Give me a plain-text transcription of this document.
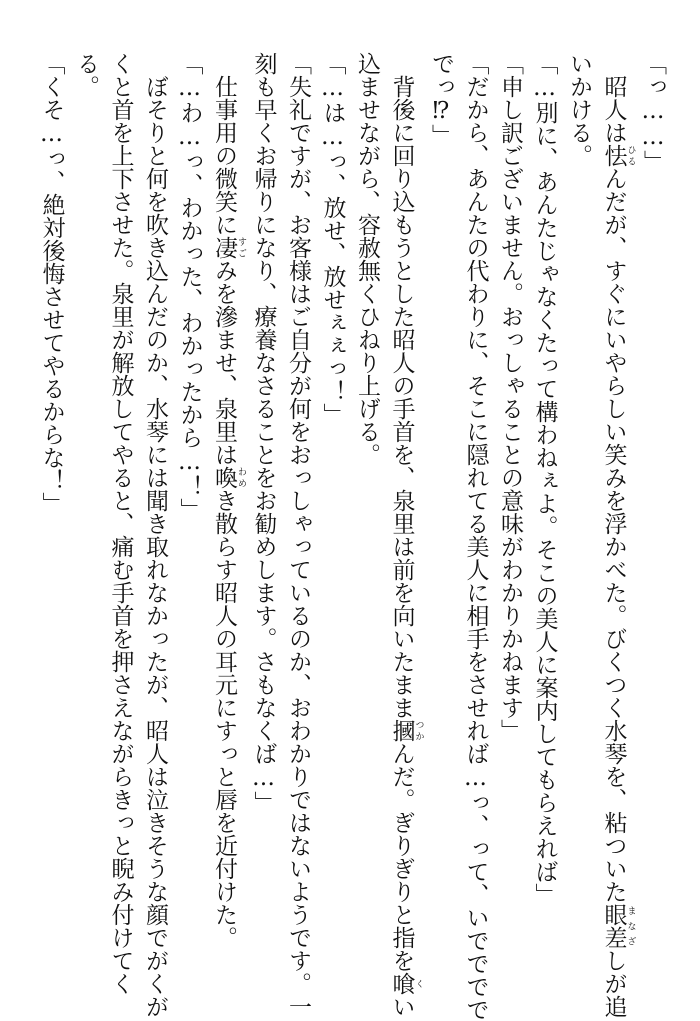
「っ……」
　昭人は怯 ひるんだが、すぐにいやらしい笑みを浮かべた。びくつく水琴を、粘ついた眼差 まなざしが追
いかける。
「…別に、あんたじゃなくたって構わねぇよ。そこの美人に案内してもらえれば」
「申し訳ございません。おっしゃることの意味がわかりかねます」
「だから、あんたの代わりに、そこに隠れてる美人に相手をさせれば…っ、って、いでででで
でっ⁉」
　背後に回り込もうとした昭人の手首を、泉里は前を向いたまま摑 つかんだ。ぎりぎりと指を喰 くい
込ませながら、容赦無くひねり上げる。
「…は…っ、放せ、放せぇぇっ！」
「失礼ですが、お客様はご自分が何をおっしゃっているのか、おわかりではないようです。一
刻も早くお帰りになり、療養なさることをお勧めします。さもなくば…」
　仕事用の微笑に凄 すごみを滲ませ、泉里は喚 わめき散らす昭人の耳元にすっと唇を近付けた。
「…わ…っ、わかった、わかったから…！」
　ぼそりと何を吹き込んだのか、水琴には聞き取れなかったが、昭人は泣きそうな顔でがくが
くと首を上下させた。泉里が解放してやると、痛む手首を押さえながらきっと睨み付けてく
る。
「くそ…っ、絶対後悔させてやるからな！」
